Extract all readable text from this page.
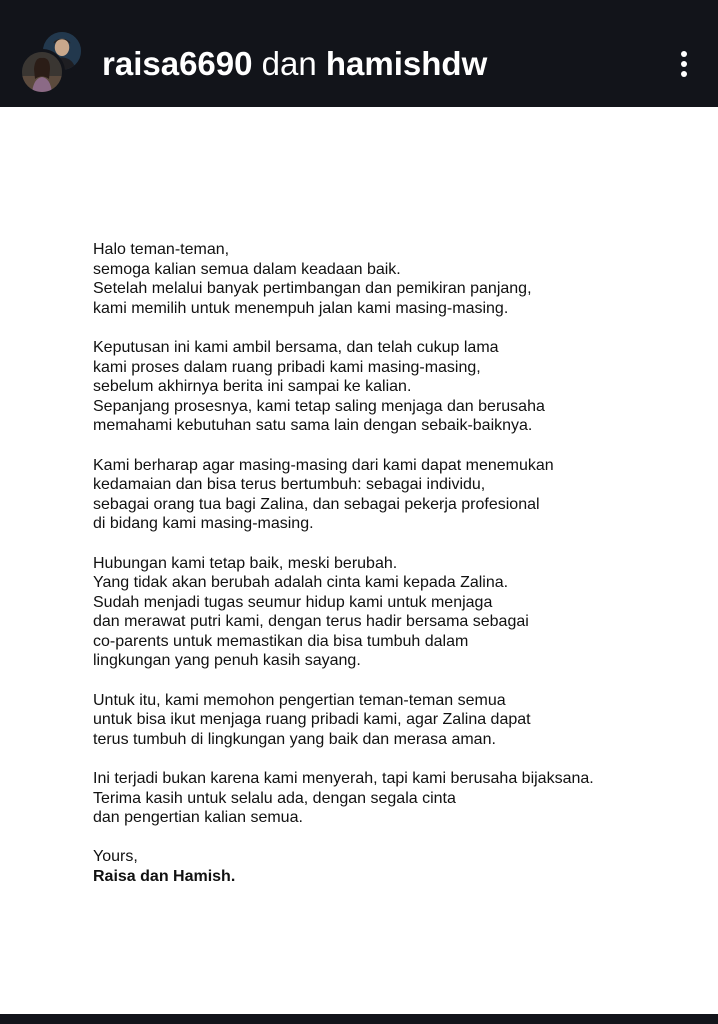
raisa6690 dan hamishdw

Halo teman-teman,
semoga kalian semua dalam keadaan baik.
Setelah melalui banyak pertimbangan dan pemikiran panjang,
kami memilih untuk menempuh jalan kami masing-masing.

Keputusan ini kami ambil bersama, dan telah cukup lama
kami proses dalam ruang pribadi kami masing-masing,
sebelum akhirnya berita ini sampai ke kalian.
Sepanjang prosesnya, kami tetap saling menjaga dan berusaha
memahami kebutuhan satu sama lain dengan sebaik-baiknya.

Kami berharap agar masing-masing dari kami dapat menemukan
kedamaian dan bisa terus bertumbuh: sebagai individu,
sebagai orang tua bagi Zalina, dan sebagai pekerja profesional
di bidang kami masing-masing.

Hubungan kami tetap baik, meski berubah.
Yang tidak akan berubah adalah cinta kami kepada Zalina.
Sudah menjadi tugas seumur hidup kami untuk menjaga
dan merawat putri kami, dengan terus hadir bersama sebagai
co-parents untuk memastikan dia bisa tumbuh dalam
lingkungan yang penuh kasih sayang.

Untuk itu, kami memohon pengertian teman-teman semua
untuk bisa ikut menjaga ruang pribadi kami, agar Zalina dapat
terus tumbuh di lingkungan yang baik dan merasa aman.

Ini terjadi bukan karena kami menyerah, tapi kami berusaha bijaksana.
Terima kasih untuk selalu ada, dengan segala cinta
dan pengertian kalian semua.

Yours,
Raisa dan Hamish.
